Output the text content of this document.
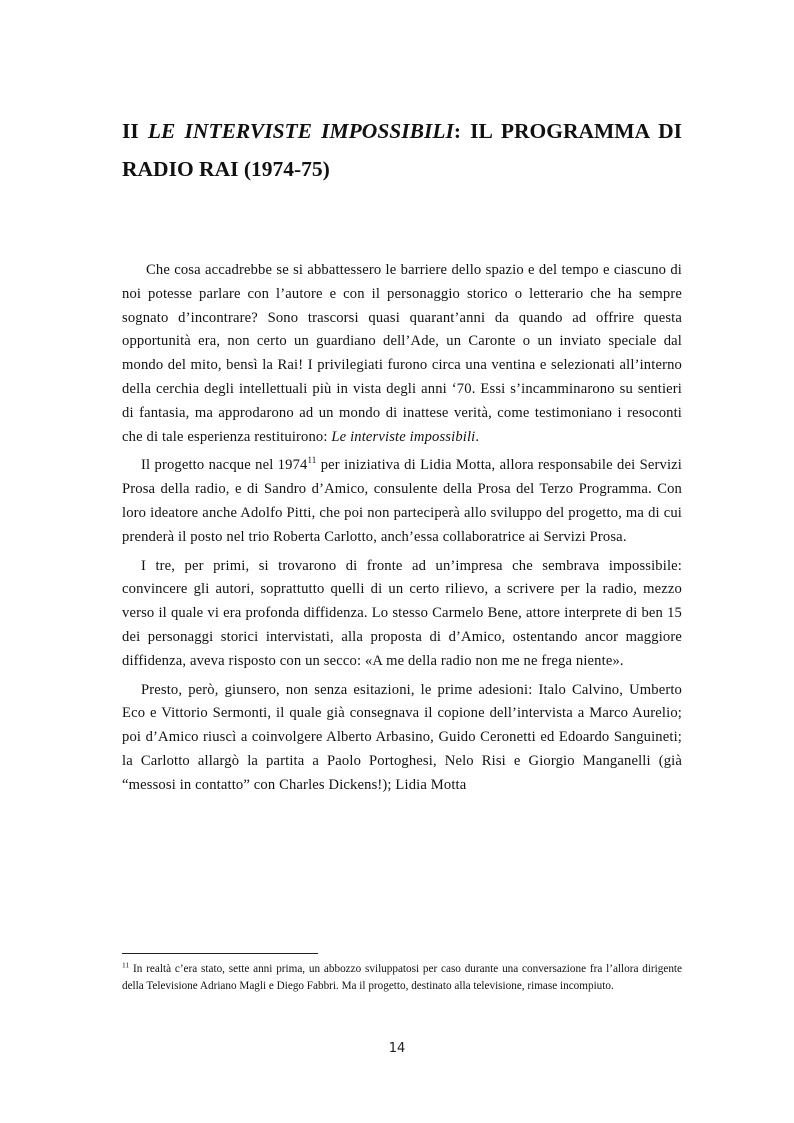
II LE INTERVISTE IMPOSSIBILI: IL PROGRAMMA DI RADIO RAI (1974-75)

Che cosa accadrebbe se si abbattessero le barriere dello spazio e del tempo e ciascuno di noi potesse parlare con l’autore e con il personaggio storico o letterario che ha sempre sognato d’incontrare? Sono trascorsi quasi quarant’anni da quando ad offrire questa opportunità era, non certo un guardiano dell’Ade, un Caronte o un inviato speciale dal mondo del mito, bensì la Rai! I privilegiati furono circa una ventina e selezionati all’interno della cerchia degli intellettuali più in vista degli anni ‘70. Essi s’incamminarono su sentieri di fantasia, ma approdarono ad un mondo di inattese verità, come testimoniano i resoconti che di tale esperienza restituirono: Le interviste impossibili.

Il progetto nacque nel 1974$^{11}$ per iniziativa di Lidia Motta, allora responsabile dei Servizi Prosa della radio, e di Sandro d’Amico, consulente della Prosa del Terzo Programma. Con loro ideatore anche Adolfo Pitti, che poi non parteciperà allo sviluppo del progetto, ma di cui prenderà il posto nel trio Roberta Carlotto, anch’essa collaboratrice ai Servizi Prosa.

I tre, per primi, si trovarono di fronte ad un’impresa che sembrava impossibile: convincere gli autori, soprattutto quelli di un certo rilievo, a scrivere per la radio, mezzo verso il quale vi era profonda diffidenza. Lo stesso Carmelo Bene, attore interprete di ben 15 dei personaggi storici intervistati, alla proposta di d’Amico, ostentando ancor maggiore diffidenza, aveva risposto con un secco: «A me della radio non me ne frega niente».

Presto, però, giunsero, non senza esitazioni, le prime adesioni: Italo Calvino, Umberto Eco e Vittorio Sermonti, il quale già consegnava il copione dell’intervista a Marco Aurelio; poi d’Amico riuscì a coinvolgere Alberto Arbasino, Guido Ceronetti ed Edoardo Sanguineti; la Carlotto allargò la partita a Paolo Portoghesi, Nelo Risi e Giorgio Manganelli (già “messosi in contatto” con Charles Dickens!); Lidia Motta

$^{11}$ In realtà c’era stato, sette anni prima, un abbozzo sviluppatosi per caso durante una conversazione fra l’allora dirigente della Televisione Adriano Magli e Diego Fabbri. Ma il progetto, destinato alla televisione, rimase incompiuto.

14
